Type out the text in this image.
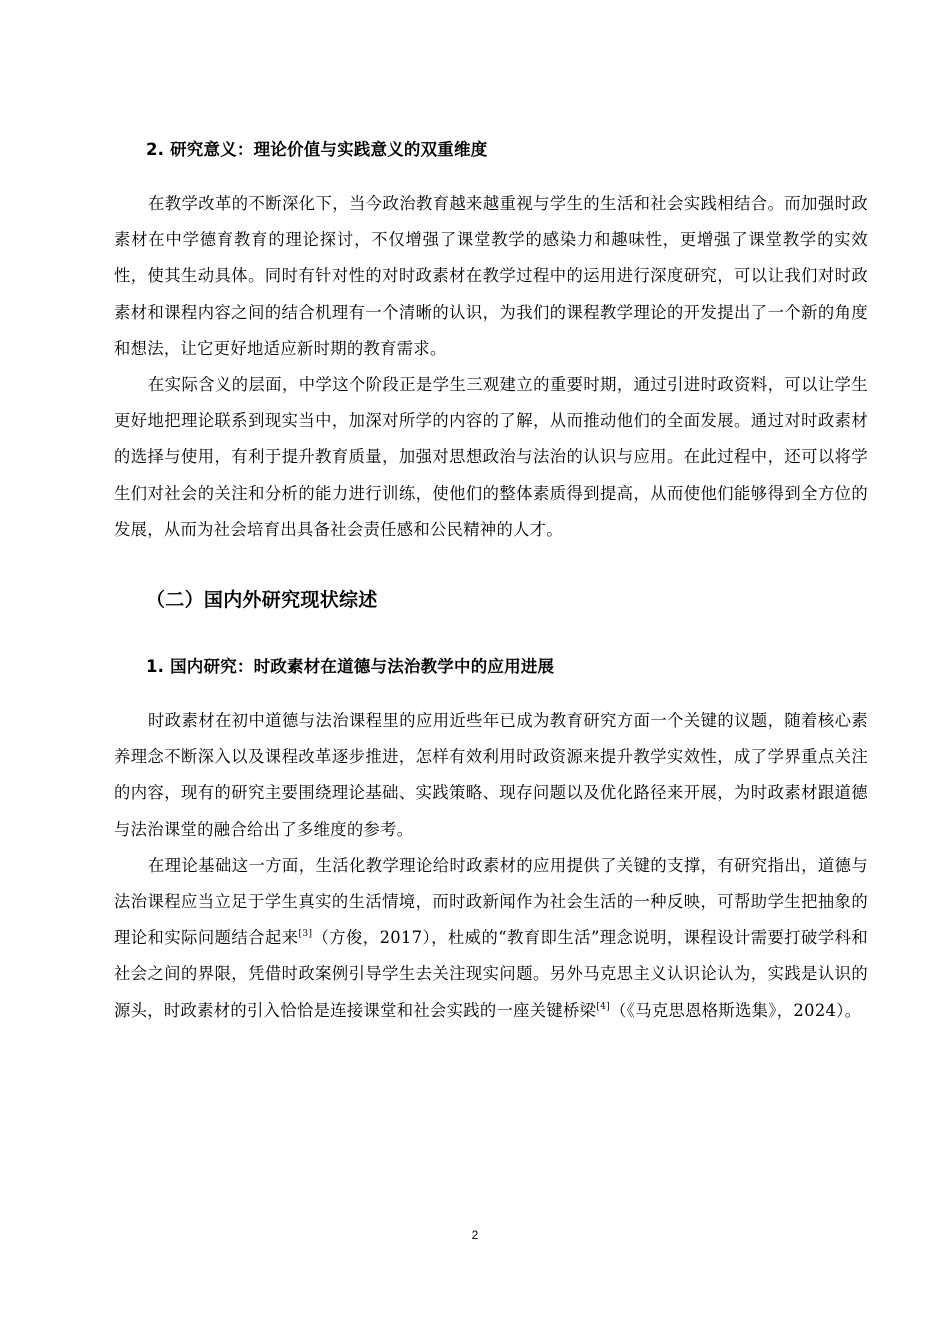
2. 研究意义：理论价值与实践意义的双重维度

在教学改革的不断深化下，当今政治教育越来越重视与学生的生活和社会实践相结合。而加强时政素材在中学德育教育的理论探讨，不仅增强了课堂教学的感染力和趣味性，更增强了课堂教学的实效性，使其生动具体。同时有针对性的对时政素材在教学过程中的运用进行深度研究，可以让我们对时政素材和课程内容之间的结合机理有一个清晰的认识，为我们的课程教学理论的开发提出了一个新的角度和想法，让它更好地适应新时期的教育需求。

在实际含义的层面，中学这个阶段正是学生三观建立的重要时期，通过引进时政资料，可以让学生更好地把理论联系到现实当中，加深对所学的内容的了解，从而推动他们的全面发展。通过对时政素材的选择与使用，有利于提升教育质量，加强对思想政治与法治的认识与应用。在此过程中，还可以将学生们对社会的关注和分析的能力进行训练，使他们的整体素质得到提高，从而使他们能够得到全方位的发展，从而为社会培育出具备社会责任感和公民精神的人才。

（二）国内外研究现状综述
1. 国内研究：时政素材在道德与法治教学中的应用进展

时政素材在初中道德与法治课程里的应用近些年已成为教育研究方面一个关键的议题，随着核心素养理念不断深入以及课程改革逐步推进，怎样有效利用时政资源来提升教学实效性，成了学界重点关注的内容，现有的研究主要围绕理论基础、实践策略、现存问题以及优化路径来开展，为时政素材跟道德与法治课堂的融合给出了多维度的参考。

在理论基础这一方面，生活化教学理论给时政素材的应用提供了关键的支撑，有研究指出，道德与法治课程应当立足于学生真实的生活情境，而时政新闻作为社会生活的一种反映，可帮助学生把抽象的理论和实际问题结合起来[3]（方俊，2017），杜威的“教育即生活”理念说明，课程设计需要打破学科和社会之间的界限，凭借时政案例引导学生去关注现实问题。另外马克思主义认识论认为，实践是认识的源头，时政素材的引入恰恰是连接课堂和社会实践的一座关键桥梁[4]（《马克思恩格斯选集》，2024）。

2
